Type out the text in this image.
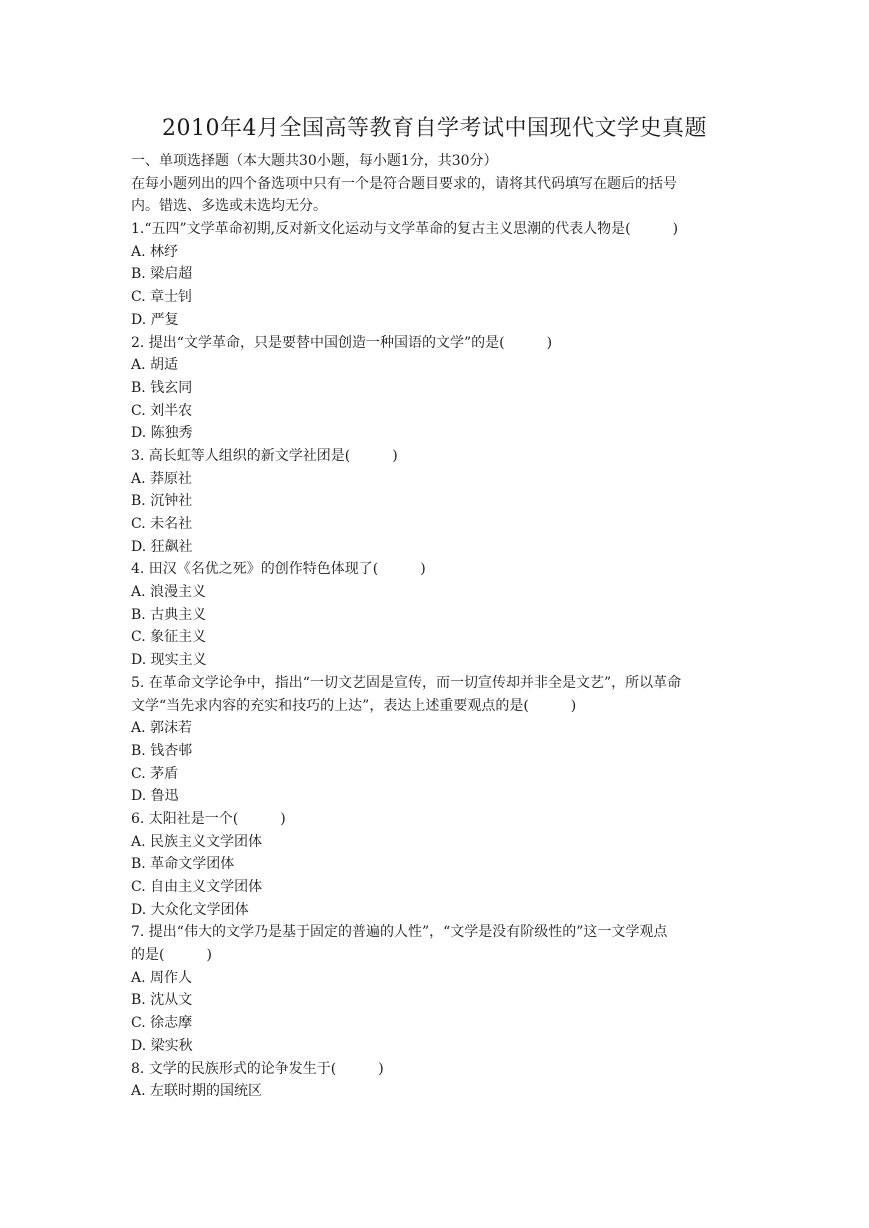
2010年4月全国高等教育自学考试中国现代文学史真题
一、单项选择题（本大题共30小题，每小题1分，共30分）
在每小题列出的四个备选项中只有一个是符合题目要求的，请将其代码填写在题后的括号
内。错选、多选或未选均无分。
1.“五四”文学革命初期,反对新文化运动与文学革命的复古主义思潮的代表人物是(　　　)
A. 林纾
B. 梁启超
C. 章士钊
D. 严复
2. 提出“文学革命，只是要替中国创造一种国语的文学”的是(　　　)
A. 胡适
B. 钱玄同
C. 刘半农
D. 陈独秀
3. 高长虹等人组织的新文学社团是(　　　)
A. 莽原社
B. 沉钟社
C. 未名社
D. 狂飙社
4. 田汉《名优之死》的创作特色体现了(　　　)
A. 浪漫主义
B. 古典主义
C. 象征主义
D. 现实主义
5. 在革命文学论争中，指出“一切文艺固是宣传，而一切宣传却并非全是文艺”，所以革命
文学“当先求内容的充实和技巧的上达”，表达上述重要观点的是(　　　)
A. 郭沫若
B. 钱杏邨
C. 茅盾
D. 鲁迅
6. 太阳社是一个(　　　)
A. 民族主义文学团体
B. 革命文学团体
C. 自由主义文学团体
D. 大众化文学团体
7. 提出“伟大的文学乃是基于固定的普遍的人性”，“文学是没有阶级性的”这一文学观点
的是(　　　)
A. 周作人
B. 沈从文
C. 徐志摩
D. 梁实秋
8. 文学的民族形式的论争发生于(　　　)
A. 左联时期的国统区
